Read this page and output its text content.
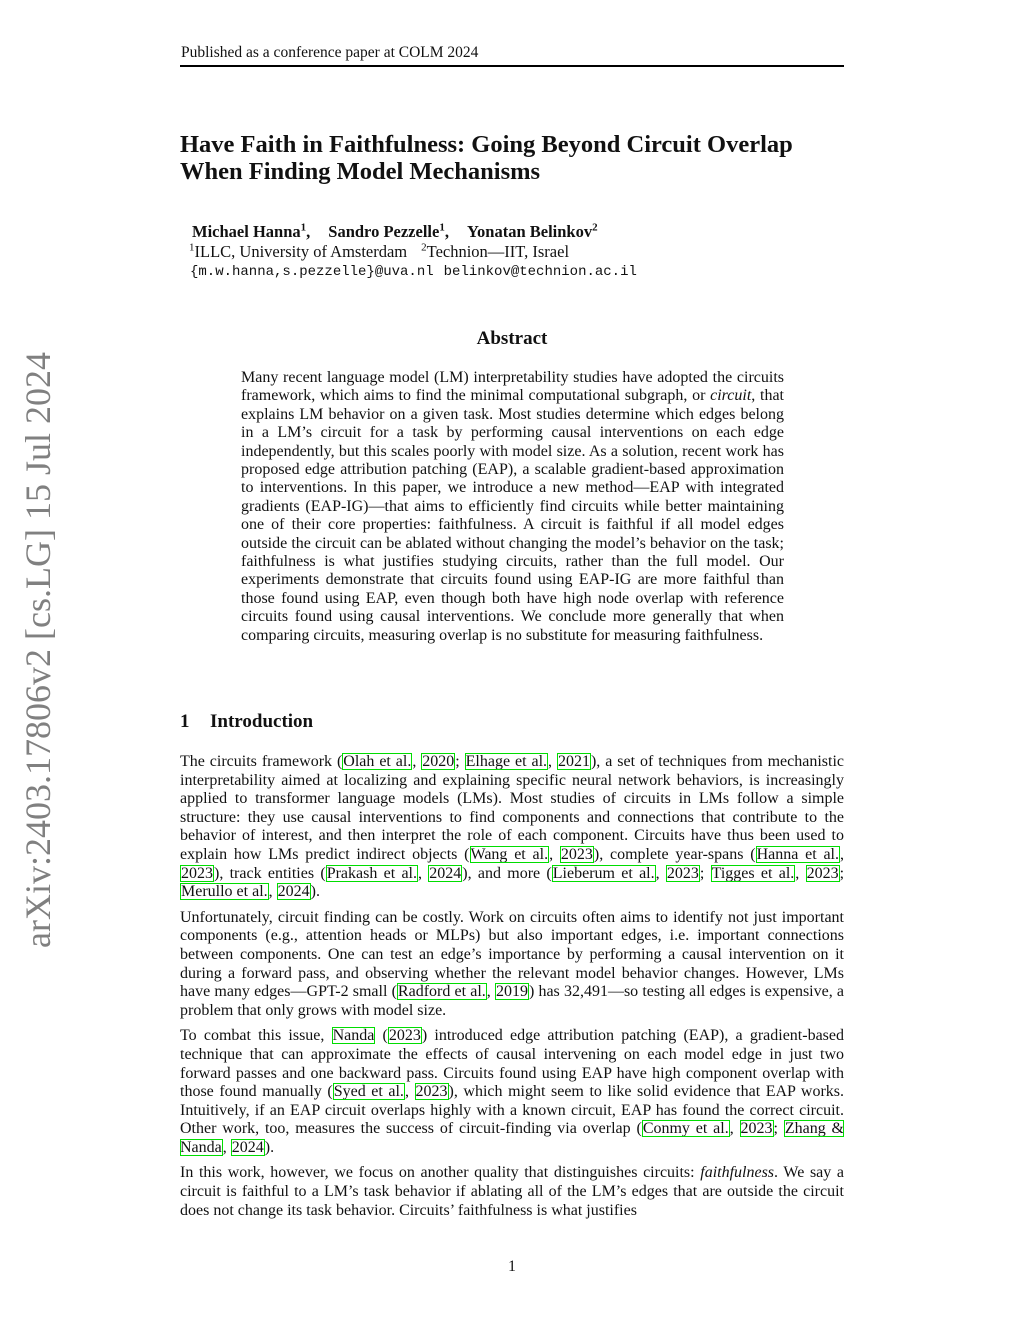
Published as a conference paper at COLM 2024
arXiv:2403.17806v2 [cs.LG] 15 Jul 2024
Have Faith in Faithfulness: Going Beyond Circuit Overlap
When Finding Model Mechanisms
Michael Hanna$^1$, Sandro Pezzelle$^1$, Yonatan Belinkov$^2$
$^1$ILLC, University of Amsterdam $^2$Technion—IIT, Israel
{m.w.hanna,s.pezzelle}@uva.nl belinkov@technion.ac.il
Abstract

Many recent language model (LM) interpretability studies have adopted the circuits framework, which aims to find the minimal computational subgraph, or circuit, that explains LM behavior on a given task. Most studies determine which edges belong in a LM’s circuit for a task by performing causal interventions on each edge independently, but this scales poorly with model size. As a solution, recent work has proposed edge attribution patching (EAP), a scalable gradient-based approximation to interventions. In this paper, we introduce a new method—EAP with integrated gradients (EAP-IG)—that aims to efficiently find circuits while better maintaining one of their core properties: faithfulness. A circuit is faithful if all model edges outside the circuit can be ablated without changing the model’s behavior on the task; faithfulness is what justifies studying circuits, rather than the full model. Our experiments demonstrate that circuits found using EAP-IG are more faithful than those found using EAP, even though both have high node overlap with reference circuits found using causal interventions. We conclude more generally that when comparing circuits, measuring overlap is no substitute for measuring faithfulness.

1 Introduction

The circuits framework (Olah et al., 2020; Elhage et al., 2021), a set of techniques from mechanistic interpretability aimed at localizing and explaining specific neural network behaviors, is increasingly applied to transformer language models (LMs). Most studies of circuits in LMs follow a simple structure: they use causal interventions to find components and connections that contribute to the behavior of interest, and then interpret the role of each component. Circuits have thus been used to explain how LMs predict indirect objects (Wang et al., 2023), complete year-spans (Hanna et al., 2023), track entities (Prakash et al., 2024), and more (Lieberum et al., 2023; Tigges et al., 2023; Merullo et al., 2024).

Unfortunately, circuit finding can be costly. Work on circuits often aims to identify not just important components (e.g., attention heads or MLPs) but also important edges, i.e. important connections between components. One can test an edge’s importance by performing a causal intervention on it during a forward pass, and observing whether the relevant model behavior changes. However, LMs have many edges—GPT-2 small (Radford et al., 2019) has 32,491—so testing all edges is expensive, a problem that only grows with model size.

To combat this issue, Nanda (2023) introduced edge attribution patching (EAP), a gradient-based technique that can approximate the effects of causal intervening on each model edge in just two forward passes and one backward pass. Circuits found using EAP have high component overlap with those found manually (Syed et al., 2023), which might seem to like solid evidence that EAP works. Intuitively, if an EAP circuit overlaps highly with a known circuit, EAP has found the correct circuit. Other work, too, measures the success of circuit-finding via overlap (Conmy et al., 2023; Zhang & Nanda, 2024).

In this work, however, we focus on another quality that distinguishes circuits: faithfulness. We say a circuit is faithful to a LM’s task behavior if ablating all of the LM’s edges that are outside the circuit does not change its task behavior. Circuits’ faithfulness is what justifies

1
